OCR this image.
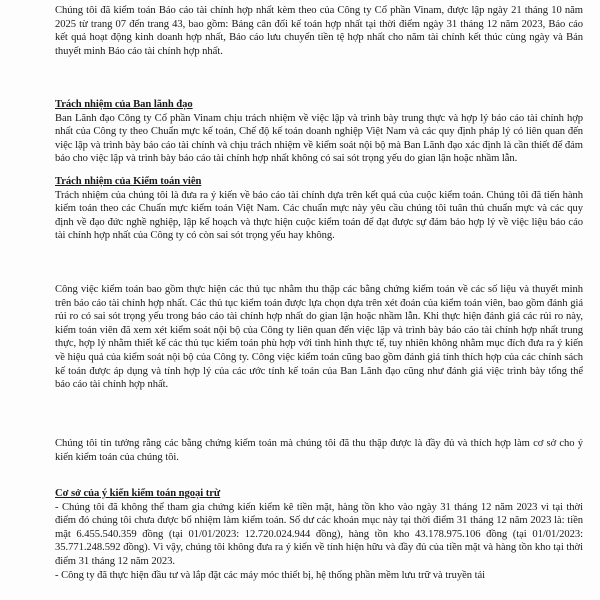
Chúng tôi đã kiểm toán Báo cáo tài chính hợp nhất kèm theo của Công ty Cổ phần Vinam, được lập ngày 21 tháng 10 năm 2025 từ trang 07 đến trang 43, bao gồm: Bảng cân đối kế toán hợp nhất tại thời điểm ngày 31 tháng 12 năm 2023, Báo cáo kết quả hoạt động kinh doanh hợp nhất, Báo cáo lưu chuyển tiền tệ hợp nhất cho năm tài chính kết thúc cùng ngày và Bản thuyết minh Báo cáo tài chính hợp nhất.
Trách nhiệm của Ban lãnh đạo
Ban Lãnh đạo Công ty Cổ phần Vinam chịu trách nhiệm về việc lập và trình bày trung thực và hợp lý báo cáo tài chính hợp nhất của Công ty theo Chuẩn mực kế toán, Chế độ kế toán doanh nghiệp Việt Nam và các quy định pháp lý có liên quan đến việc lập và trình bày báo cáo tài chính và chịu trách nhiệm về kiểm soát nội bộ mà Ban Lãnh đạo xác định là cần thiết để đảm bảo cho việc lập và trình bày báo cáo tài chính hợp nhất không có sai sót trọng yếu do gian lận hoặc nhầm lẫn.
Trách nhiệm của Kiểm toán viên
Trách nhiệm của chúng tôi là đưa ra ý kiến về báo cáo tài chính dựa trên kết quả của cuộc kiểm toán. Chúng tôi đã tiến hành kiểm toán theo các Chuẩn mực kiểm toán Việt Nam. Các chuẩn mực này yêu cầu chúng tôi tuân thủ chuẩn mực và các quy định về đạo đức nghề nghiệp, lập kế hoạch và thực hiện cuộc kiểm toán để đạt được sự đảm bảo hợp lý về việc liệu báo cáo tài chính hợp nhất của Công ty có còn sai sót trọng yếu hay không.
Công việc kiểm toán bao gồm thực hiện các thủ tục nhằm thu thập các bằng chứng kiểm toán về các số liệu và thuyết minh trên báo cáo tài chính hợp nhất. Các thủ tục kiểm toán được lựa chọn dựa trên xét đoán của kiểm toán viên, bao gồm đánh giá rủi ro có sai sót trọng yếu trong báo cáo tài chính hợp nhất do gian lận hoặc nhầm lẫn. Khi thực hiện đánh giá các rủi ro này, kiểm toán viên đã xem xét kiểm soát nội bộ của Công ty liên quan đến việc lập và trình bày báo cáo tài chính hợp nhất trung thực, hợp lý nhằm thiết kế các thủ tục kiểm toán phù hợp với tình hình thực tế, tuy nhiên không nhằm mục đích đưa ra ý kiến về hiệu quả của kiểm soát nội bộ của Công ty. Công việc kiểm toán cũng bao gồm đánh giá tính thích hợp của các chính sách kế toán được áp dụng và tính hợp lý của các ước tính kế toán của Ban Lãnh đạo cũng như đánh giá việc trình bày tổng thể báo cáo tài chính hợp nhất.
Chúng tôi tin tưởng rằng các bằng chứng kiểm toán mà chúng tôi đã thu thập được là đầy đủ và thích hợp làm cơ sở cho ý kiến kiểm toán của chúng tôi.
Cơ sở của ý kiến kiểm toán ngoại trừ
- Chúng tôi đã không thể tham gia chứng kiến kiểm kê tiền mặt, hàng tồn kho vào ngày 31 tháng 12 năm 2023 vì tại thời điểm đó chúng tôi chưa được bổ nhiệm làm kiểm toán. Số dư các khoản mục này tại thời điểm 31 tháng 12 năm 2023 là: tiền mặt 6.455.540.359 đồng (tại 01/01/2023: 12.720.024.944 đồng), hàng tồn kho 43.178.975.106 đồng (tại 01/01/2023: 35.771.248.592 đồng). Vì vậy, chúng tôi không đưa ra ý kiến về tính hiện hữu và đầy đủ của tiền mặt và hàng tồn kho tại thời điểm 31 tháng 12 năm 2023.
- Công ty đã thực hiện đầu tư và lắp đặt các máy móc thiết bị, hệ thống phần mềm lưu trữ và truyền tải
